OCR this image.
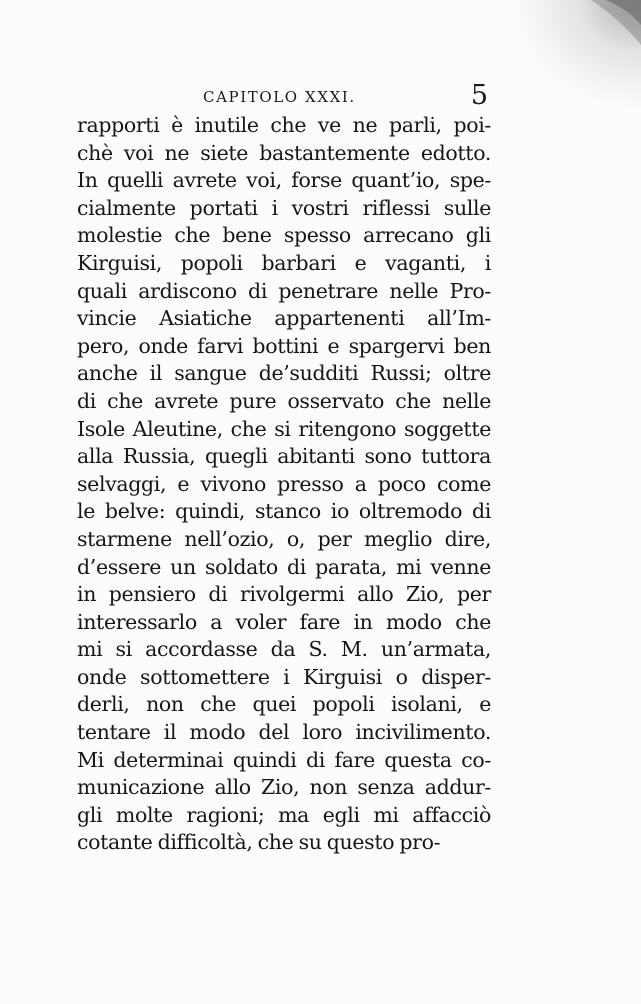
CAPITOLO XXXI.	5
rapporti è inutile che ve ne parli, poi-
chè voi ne siete bastantemente edotto.
In quelli avrete voi, forse quant’io, spe-
cialmente portati i vostri riflessi sulle
molestie che bene spesso arrecano gli
Kirguisi, popoli barbari e vaganti, i
quali ardiscono di penetrare nelle Pro-
vincie Asiatiche appartenenti all’Im-
pero, onde farvi bottini e spargervi ben
anche il sangue de’sudditi Russi; oltre
di che avrete pure osservato che nelle
Isole Aleutine, che si ritengono soggette
alla Russia, quegli abitanti sono tuttora
selvaggi, e vivono presso a poco come
le belve: quindi, stanco io oltremodo di
starmene nell’ozio, o, per meglio dire,
d’essere un soldato di parata, mi venne
in pensiero di rivolgermi allo Zio, per
interessarlo a voler fare in modo che
mi si accordasse da S. M. un’armata,
onde sottomettere i Kirguisi o disper-
derli, non che quei popoli isolani, e
tentare il modo del loro incivilimento.
Mi determinai quindi di fare questa co-
municazione allo Zio, non senza addur-
gli molte ragioni; ma egli mi affacciò
cotante difficoltà, che su questo pro-
